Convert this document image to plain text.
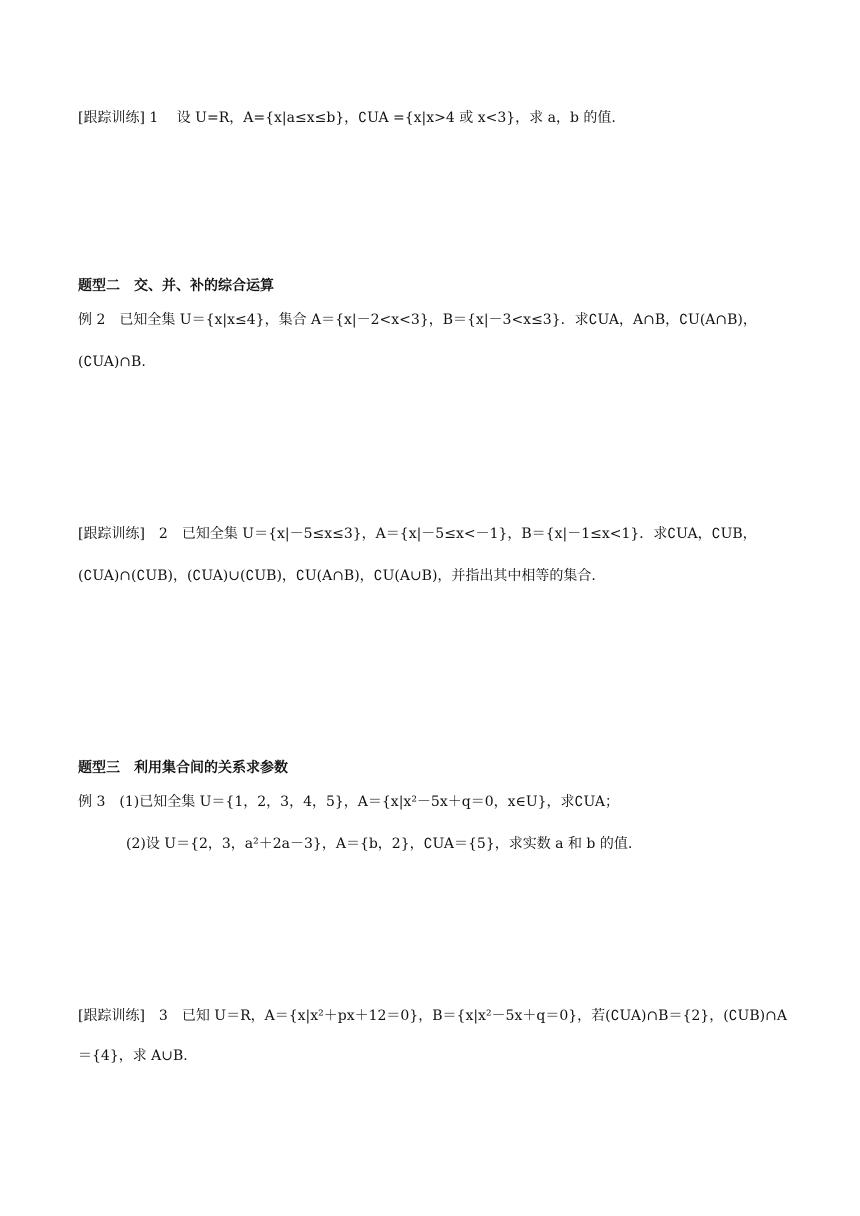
[跟踪训练] 1　 设 U=R，A={x|a≤x≤b}，∁UA ={x|x>4 或 x<3}，求 a，b 的值.
题型二　交、并、补的综合运算
例 2　已知全集 U＝{x|x≤4}，集合 A＝{x|－2<x<3}，B＝{x|－3<x≤3}．求∁UA，A∩B，∁U(A∩B)，
(∁UA)∩B.
[跟踪训练]　2　已知全集 U＝{x|－5≤x≤3}，A＝{x|－5≤x<－1}，B＝{x|－1≤x<1}．求∁UA，∁UB，
(∁UA)∩(∁UB)，(∁UA)∪(∁UB)，∁U(A∩B)，∁U(A∪B)，并指出其中相等的集合.
题型三　利用集合间的关系求参数
例 3　(1)已知全集 U＝{1，2，3，4，5}，A＝{x|x²－5x＋q＝0，x∈U}，求∁UA；
(2)设 U＝{2，3，a²＋2a－3}，A＝{b，2}，∁UA＝{5}，求实数 a 和 b 的值.
[跟踪训练]　3　已知 U＝R，A＝{x|x²＋px＋12＝0}，B＝{x|x²－5x＋q＝0}，若(∁UA)∩B＝{2}，(∁UB)∩A
＝{4}，求 A∪B.
